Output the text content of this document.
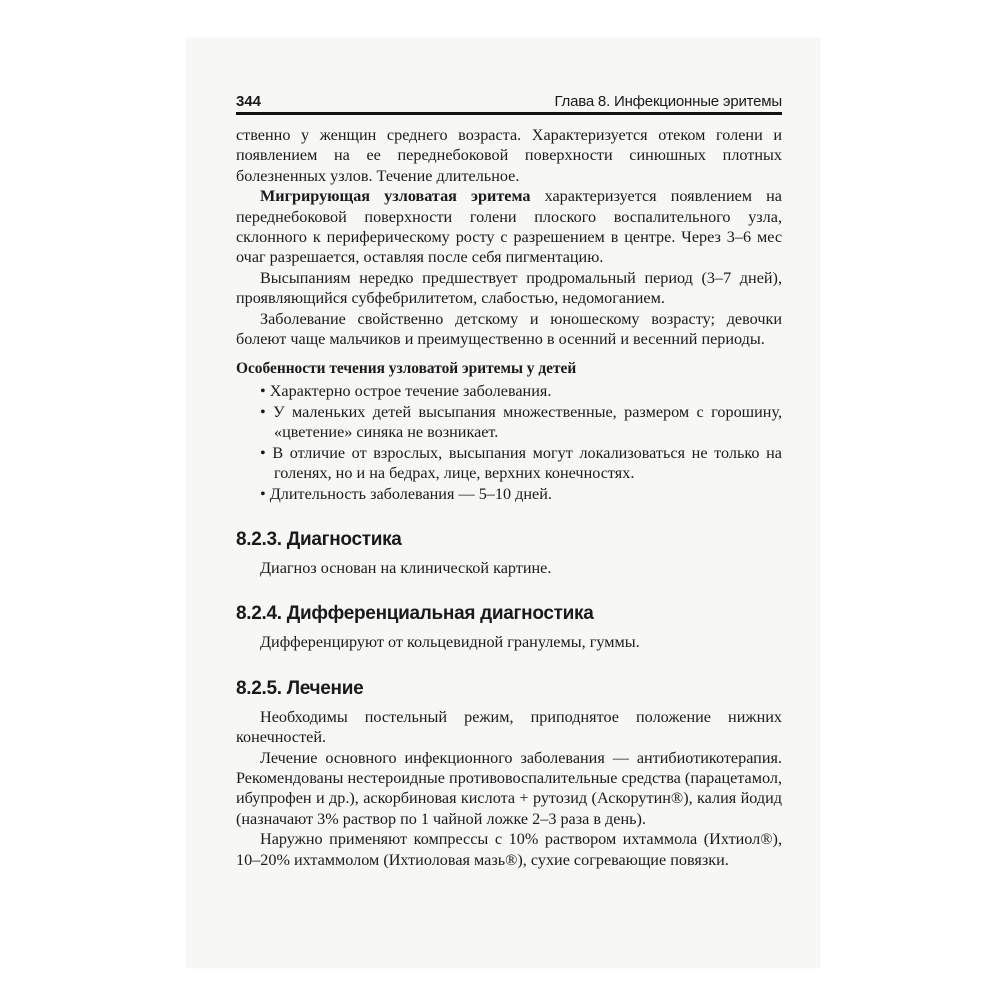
344	Глава 8. Инфекционные эритемы

ственно у женщин среднего возраста. Характеризуется отеком голени и появлением на ее переднебоковой поверхности синюшных плотных болезненных узлов. Течение длительное.

Мигрирующая узловатая эритема характеризуется появлением на переднебоковой поверхности голени плоского воспалительного узла, склонного к периферическому росту с разрешением в центре. Через 3–6 мес очаг разрешается, оставляя после себя пигментацию.

Высыпаниям нередко предшествует продромальный период (3–7 дней), проявляющийся субфебрилитетом, слабостью, недомоганием.

Заболевание свойственно детскому и юношескому возрасту; девочки болеют чаще мальчиков и преимущественно в осенний и весенний периоды.

Особенности течения узловатой эритемы у детей
• Характерно острое течение заболевания.
• У маленьких детей высыпания множественные, размером с горошину, «цветение» синяка не возникает.
• В отличие от взрослых, высыпания могут локализоваться не только на голенях, но и на бедрах, лице, верхних конечностях.
• Длительность заболевания — 5–10 дней.
8.2.3. Диагностика

Диагноз основан на клинической картине.

8.2.4. Дифференциальная диагностика

Дифференцируют от кольцевидной гранулемы, гуммы.

8.2.5. Лечение

Необходимы постельный режим, приподнятое положение нижних конечностей.

Лечение основного инфекционного заболевания — антибиотикотерапия. Рекомендованы нестероидные противовоспалительные средства (парацетамол, ибупрофен и др.), аскорбиновая кислота + рутозид (Аскорутин®), калия йодид (назначают 3% раствор по 1 чайной ложке 2–3 раза в день).

Наружно применяют компрессы с 10% раствором ихтаммола (Ихтиол®), 10–20% ихтаммолом (Ихтиоловая мазь®), сухие согревающие повязки.
